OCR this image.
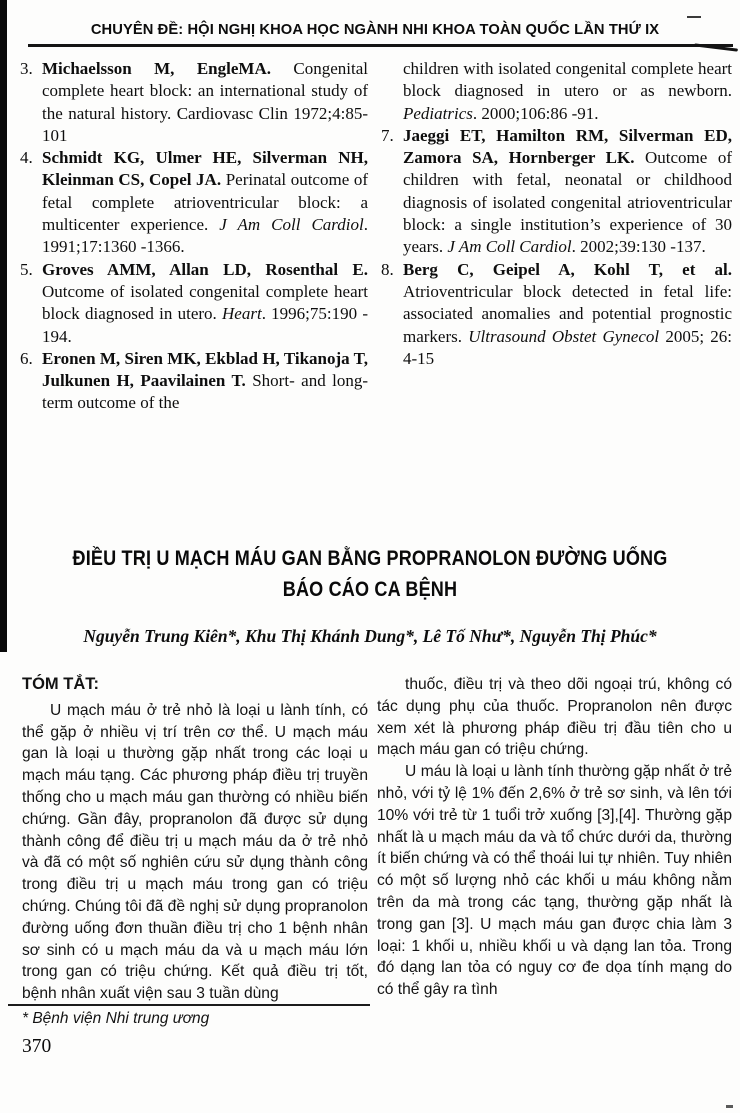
CHUYÊN ĐỀ: HỘI NGHỊ KHOA HỌC NGÀNH NHI KHOA TOÀN QUỐC LẦN THỨ IX
3. Michaelsson M, EngleMA. Congenital complete heart block: an international study of the natural history. Cardiovasc Clin 1972;4:85-101
4. Schmidt KG, Ulmer HE, Silverman NH, Kleinman CS, Copel JA. Perinatal outcome of fetal complete atrioventricular block: a multicenter experience. J Am Coll Cardiol. 1991;17:1360 -1366.
5. Groves AMM, Allan LD, Rosenthal E. Outcome of isolated congenital complete heart block diagnosed in utero. Heart. 1996;75:190 - 194.
6. Eronen M, Siren MK, Ekblad H, Tikanoja T, Julkunen H, Paavilainen T. Short- and long-term outcome of the
children with isolated congenital complete heart block diagnosed in utero or as newborn. Pediatrics. 2000;106:86 -91.
7. Jaeggi ET, Hamilton RM, Silverman ED, Zamora SA, Hornberger LK. Outcome of children with fetal, neonatal or childhood diagnosis of isolated congenital atrioventricular block: a single institution’s experience of 30 years. J Am Coll Cardiol. 2002;39:130 -137.
8. Berg C, Geipel A, Kohl T, et al. Atrioventricular block detected in fetal life: associated anomalies and potential prognostic markers. Ultrasound Obstet Gynecol 2005; 26: 4-15
ĐIỀU TRỊ U MẠCH MÁU GAN BẰNG PROPRANOLON ĐƯỜNG UỐNG
BÁO CÁO CA BỆNH
Nguyễn Trung Kiên*, Khu Thị Khánh Dung*, Lê Tố Như*, Nguyễn Thị Phúc*
TÓM TẮT:

U mạch máu ở trẻ nhỏ là loại u lành tính, có thể gặp ở nhiều vị trí trên cơ thể. U mạch máu gan là loại u thường gặp nhất trong các loại u mạch máu tạng. Các phương pháp điều trị truyền thống cho u mạch máu gan thường có nhiều biến chứng. Gần đây, propranolon đã được sử dụng thành công để điều trị u mạch máu da ở trẻ nhỏ và đã có một số nghiên cứu sử dụng thành công trong điều trị u mạch máu trong gan có triệu chứng. Chúng tôi đã đề nghị sử dụng propranolon đường uống đơn thuần điều trị cho 1 bệnh nhân sơ sinh có u mạch máu da và u mạch máu lớn trong gan có triệu chứng. Kết quả điều trị tốt, bệnh nhân xuất viện sau 3 tuần dùng

thuốc, điều trị và theo dõi ngoại trú, không có tác dụng phụ của thuốc. Propranolon nên được xem xét là phương pháp điều trị đầu tiên cho u mạch máu gan có triệu chứng.

U máu là loại u lành tính thường gặp nhất ở trẻ nhỏ, với tỷ lệ 1% đến 2,6% ở trẻ sơ sinh, và lên tới 10% với trẻ từ 1 tuổi trở xuống [3],[4]. Thường gặp nhất là u mạch máu da và tổ chức dưới da, thường ít biến chứng và có thể thoái lui tự nhiên. Tuy nhiên có một số lượng nhỏ các khối u máu không nằm trên da mà trong các tạng, thường gặp nhất là trong gan [3]. U mạch máu gan được chia làm 3 loại: 1 khối u, nhiều khối u và dạng lan tỏa. Trong đó dạng lan tỏa có nguy cơ đe dọa tính mạng do có thể gây ra tình

* Bệnh viện Nhi trung ương
370
